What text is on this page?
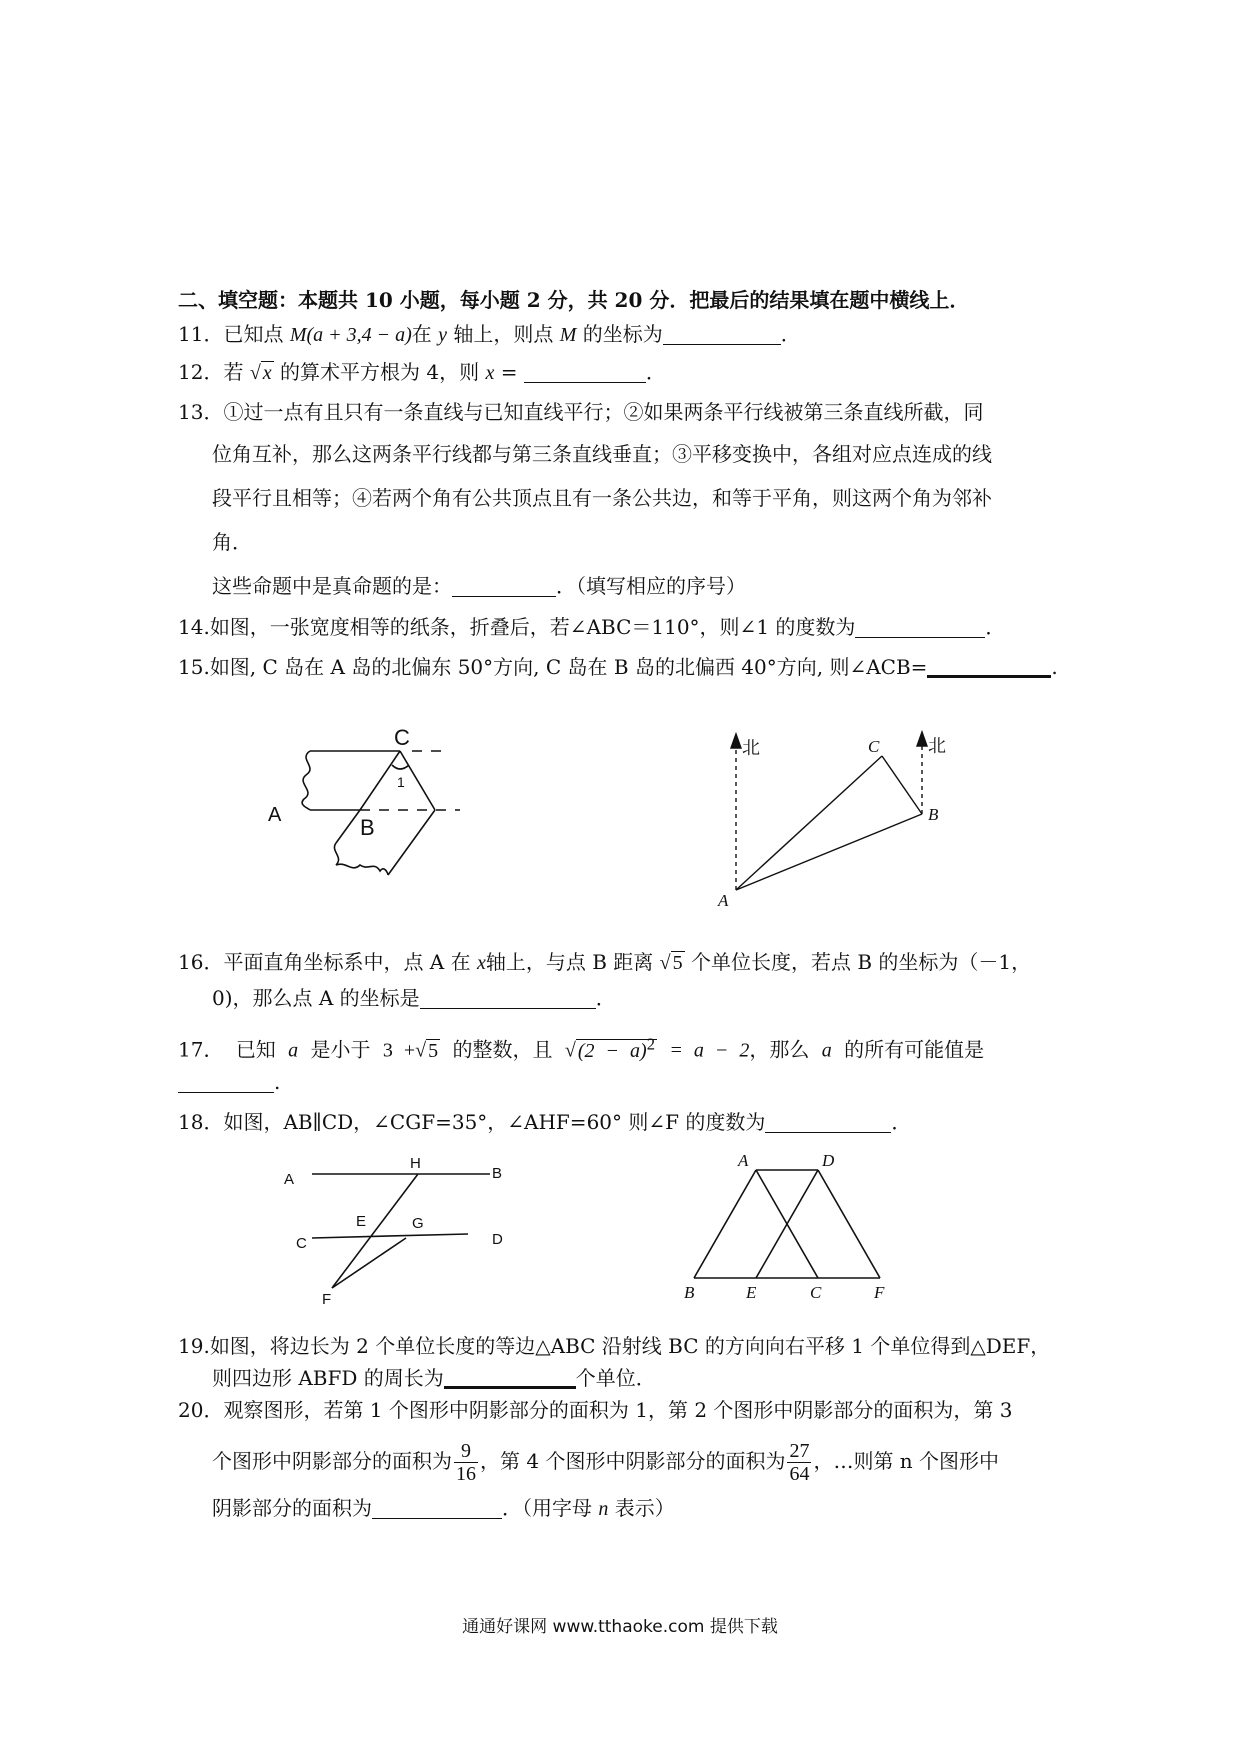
二、填空题：本题共 10 小题，每小题 2 分，共 20 分．把最后的结果填在题中横线上．
11．已知点 M(a + 3,4 − a)在 y 轴上，则点 M 的坐标为	．
12．若 √ x 的算术平方根为 4，则 x =	．
13．①过一点有且只有一条直线与已知直线平行；②如果两条平行线被第三条直线所截，同
位角互补，那么这两条平行线都与第三条直线垂直；③平移变换中，各组对应点连成的线
段平行且相等；④若两个角有公共顶点且有一条公共边，和等于平角，则这两个角为邻补
角．
这些命题中是真命题的是：	．（填写相应的序号）
14.如图，一张宽度相等的纸条，折叠后，若∠ABC＝110°，则∠1 的度数为	．
15.如图, C 岛在 A 岛的北偏东 50°方向, C 岛在 B 岛的北偏西 40°方向, 则∠ACB=	.
C
1
A	B
北	北
C
B
A
16．平面直角坐标系中，点 A 在 x轴上，与点 B 距离 √ 5 个单位长度，若点 B 的坐标为（－1，
0)，那么点 A 的坐标是	．
17． 已知 a 是小于 3 +√ 5 的整数，且 √ $(2 - a)^2 = a - 2$，那么 a 的所有可能值是
.
18．如图，AB∥CD，∠CGF=35°，∠AHF=60° 则∠F 的度数为	．
H
A	B
E	G
C	D
F
A	D
B	E	C	F
19.如图，将边长为 2 个单位长度的等边△ABC 沿射线 BC 的方向向右平移 1 个单位得到△DEF，
则四边形 ABFD 的周长为	个单位．
20．观察图形，若第 1 个图形中阴影部分的面积为 1，第 2 个图形中阴影部分的面积为，第 3
个图形中阴影部分的面积为 $\frac{9}{16}$ ，第 4 个图形中阴影部分的面积为 $\frac{27}{64}$ ，…则第 n 个图形中
阴影部分的面积为	．（用字母 n 表示）
通通好课网 www.tthaoke.com 提供下载
